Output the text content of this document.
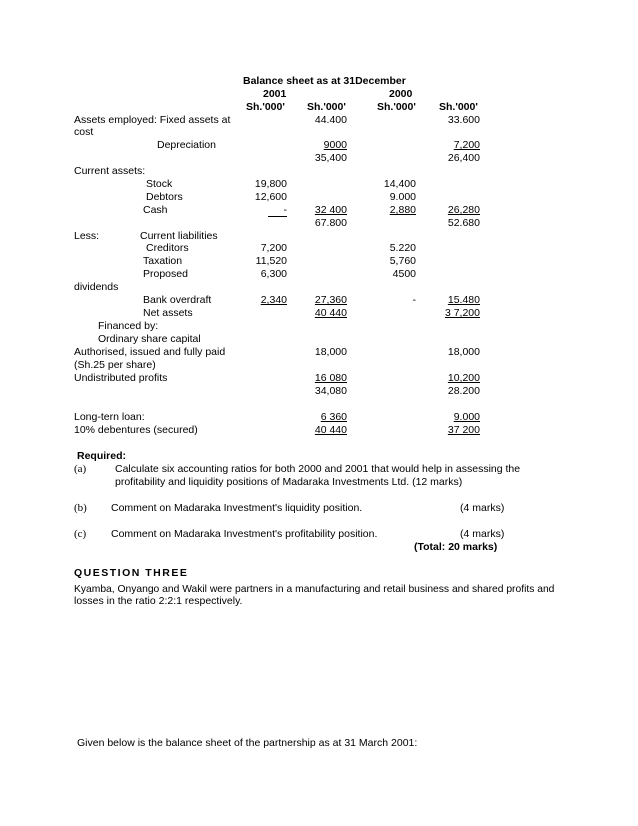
Balance sheet as at 31December
2001	2000
Sh.'000' Sh.'000'	Sh.'000' Sh.'000'
Assets employed: Fixed assets at	44.400	33.600
cost
Depreciation	9000	7,200
35,400	26,400
Current assets:
Stock	19,800	14,400
Debtors	12,600	9.000
Cash	-	32 400	2,880	26,280
67.800	52.680
Less:	Current liabilities
Creditors	7,200	5.220
Taxation	11,520	5,760
Proposed	6,300	4500
dividends
Bank overdraft	2,340	27,360	-	15.480
Net assets	40 440	3 7,200
Financed by:
Ordinary share capital
Authorised, issued and fully paid	18,000	18,000
(Sh.25 per share)
Undistributed profits	16 080	10,200
34,080	28.200
Long-tern loan:	6 360	9.000
10% debentures (secured)	40 440	37 200
Required:
(a)	Calculate six accounting ratios for both 2000 and 2001 that would help in assessing the
profitability and liquidity positions of Madaraka Investments Ltd. (12 marks)
(b) Comment on Madaraka Investment's liquidity position.	(4 marks)
(c) Comment on Madaraka Investment's profitability position.	(4 marks)
(Total: 20 marks)
QUESTION THREE
Kyamba, Onyango and Wakil were partners in a manufacturing and retail business and shared profits and
losses in the ratio 2:2:1 respectively.
Given below is the balance sheet of the partnership as at 31 March 2001:
